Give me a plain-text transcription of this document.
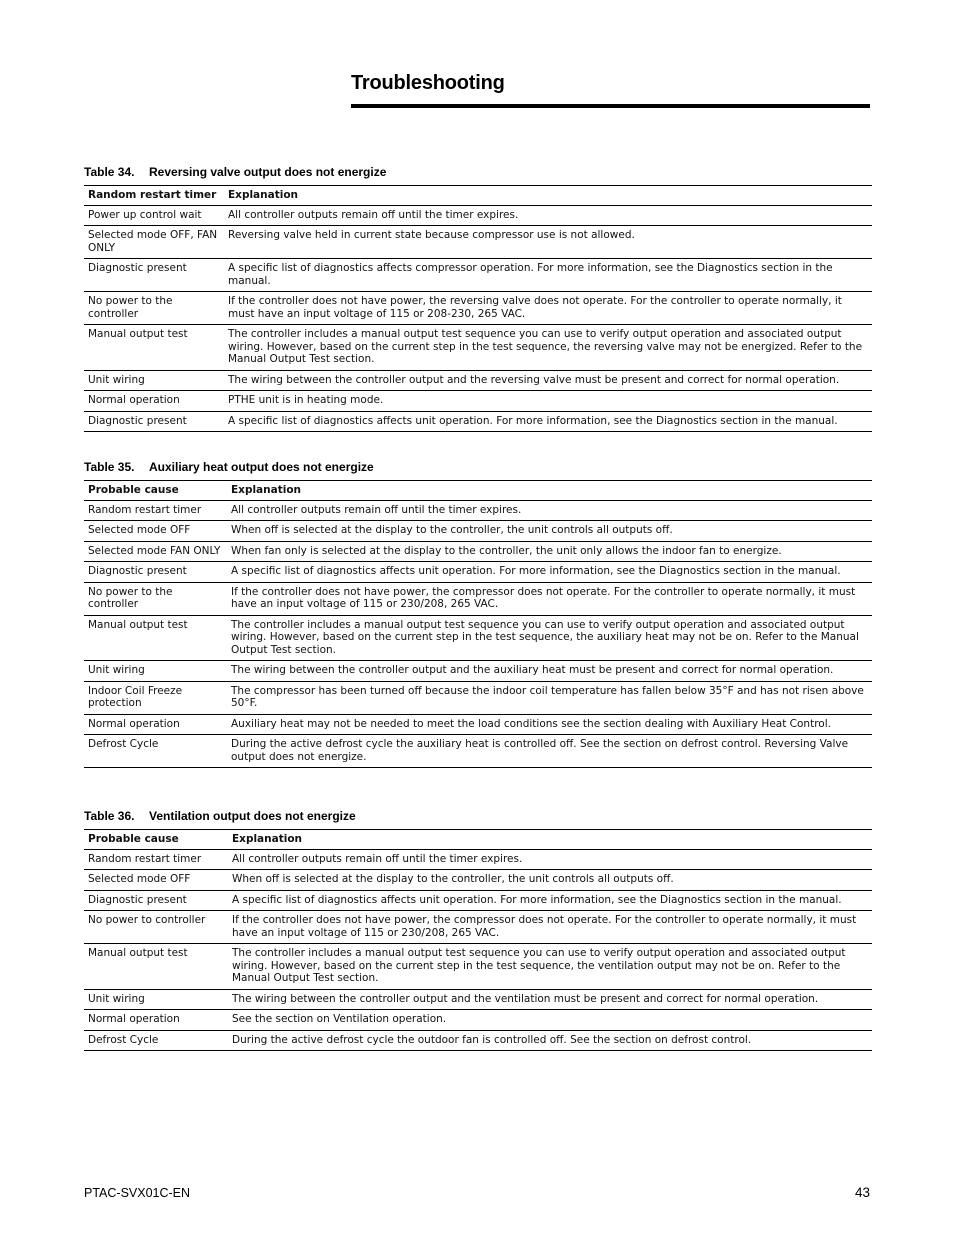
Troubleshooting
Table 34. Reversing valve output does not energize
Random restart timer	Explanation
Power up control wait	All controller outputs remain off until the timer expires.
Selected mode OFF, FAN ONLY	Reversing valve held in current state because compressor use is not allowed.
Diagnostic present	A specific list of diagnostics affects compressor operation. For more information, see the Diagnostics section in the manual.
No power to the controller	If the controller does not have power, the reversing valve does not operate. For the controller to operate normally, it must have an input voltage of 115 or 208-230, 265 VAC.
Manual output test	The controller includes a manual output test sequence you can use to verify output operation and associated output wiring. However, based on the current step in the test sequence, the reversing valve may not be energized. Refer to the Manual Output Test section.
Unit wiring	The wiring between the controller output and the reversing valve must be present and correct for normal operation.
Normal operation	PTHE unit is in heating mode.
Diagnostic present	A specific list of diagnostics affects unit operation. For more information, see the Diagnostics section in the manual.
Table 35. Auxiliary heat output does not energize
Probable cause	Explanation
Random restart timer	All controller outputs remain off until the timer expires.
Selected mode OFF	When off is selected at the display to the controller, the unit controls all outputs off.
Selected mode FAN ONLY	When fan only is selected at the display to the controller, the unit only allows the indoor fan to energize.
Diagnostic present	A specific list of diagnostics affects unit operation. For more information, see the Diagnostics section in the manual.
No power to the controller	If the controller does not have power, the compressor does not operate. For the controller to operate normally, it must have an input voltage of 115 or 230/208, 265 VAC.
Manual output test	The controller includes a manual output test sequence you can use to verify output operation and associated output wiring. However, based on the current step in the test sequence, the auxiliary heat may not be on. Refer to the Manual Output Test section.
Unit wiring	The wiring between the controller output and the auxiliary heat must be present and correct for normal operation.
Indoor Coil Freeze protection	The compressor has been turned off because the indoor coil temperature has fallen below 35°F and has not risen above 50°F.
Normal operation	Auxiliary heat may not be needed to meet the load conditions see the section dealing with Auxiliary Heat Control.
Defrost Cycle	During the active defrost cycle the auxiliary heat is controlled off. See the section on defrost control. Reversing Valve output does not energize.
Table 36. Ventilation output does not energize
Probable cause	Explanation
Random restart timer	All controller outputs remain off until the timer expires.
Selected mode OFF	When off is selected at the display to the controller, the unit controls all outputs off.
Diagnostic present	A specific list of diagnostics affects unit operation. For more information, see the Diagnostics section in the manual.
No power to controller	If the controller does not have power, the compressor does not operate. For the controller to operate normally, it must have an input voltage of 115 or 230/208, 265 VAC.
Manual output test	The controller includes a manual output test sequence you can use to verify output operation and associated output wiring. However, based on the current step in the test sequence, the ventilation output may not be on. Refer to the Manual Output Test section.
Unit wiring	The wiring between the controller output and the ventilation must be present and correct for normal operation.
Normal operation	See the section on Ventilation operation.
Defrost Cycle	During the active defrost cycle the outdoor fan is controlled off. See the section on defrost control.
PTAC-SVX01C-EN	43
